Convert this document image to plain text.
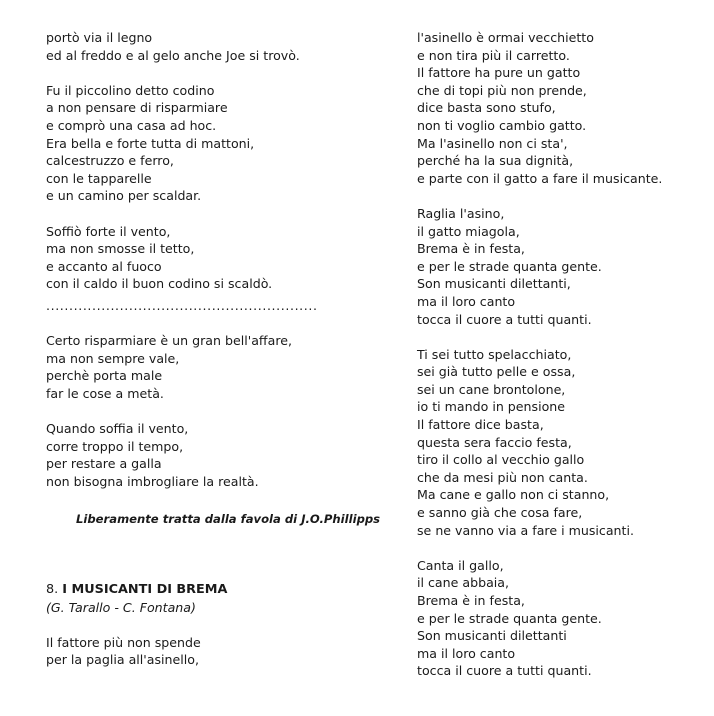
portò via il legno
ed al freddo e al gelo anche Joe si trovò.
Fu il piccolino detto codino
a non pensare di risparmiare
e comprò una casa ad hoc.
Era bella e forte tutta di mattoni,
calcestruzzo e ferro,
con le tapparelle
e un camino per scaldar.
Soffiò forte il vento,
ma non smosse il tetto,
e accanto al fuoco
con il caldo il buon codino si scaldò.
...........................................................
Certo risparmiare è un gran bell'affare,
ma non sempre vale,
perchè porta male
far le cose a metà.
Quando soffia il vento,
corre troppo il tempo,
per restare a galla
non bisogna imbrogliare la realtà.
Liberamente tratta dalla favola di J.O.Phillipps
8. I MUSICANTI DI BREMA
(G. Tarallo - C. Fontana)
Il fattore più non spende
per la paglia all'asinello,
l'asinello è ormai vecchietto
e non tira più il carretto.
Il fattore ha pure un gatto
che di topi più non prende,
dice basta sono stufo,
non ti voglio cambio gatto.
Ma l'asinello non ci sta',
perché ha la sua dignità,
e parte con il gatto a fare il musicante.
Raglia l'asino,
il gatto miagola,
Brema è in festa,
e per le strade quanta gente.
Son musicanti dilettanti,
ma il loro canto
tocca il cuore a tutti quanti.
Ti sei tutto spelacchiato,
sei già tutto pelle e ossa,
sei un cane brontolone,
io ti mando in pensione
Il fattore dice basta,
questa sera faccio festa,
tiro il collo al vecchio gallo
che da mesi più non canta.
Ma cane e gallo non ci stanno,
e sanno già che cosa fare,
se ne vanno via a fare i musicanti.
Canta il gallo,
il cane abbaia,
Brema è in festa,
e per le strade quanta gente.
Son musicanti dilettanti
ma il loro canto
tocca il cuore a tutti quanti.
